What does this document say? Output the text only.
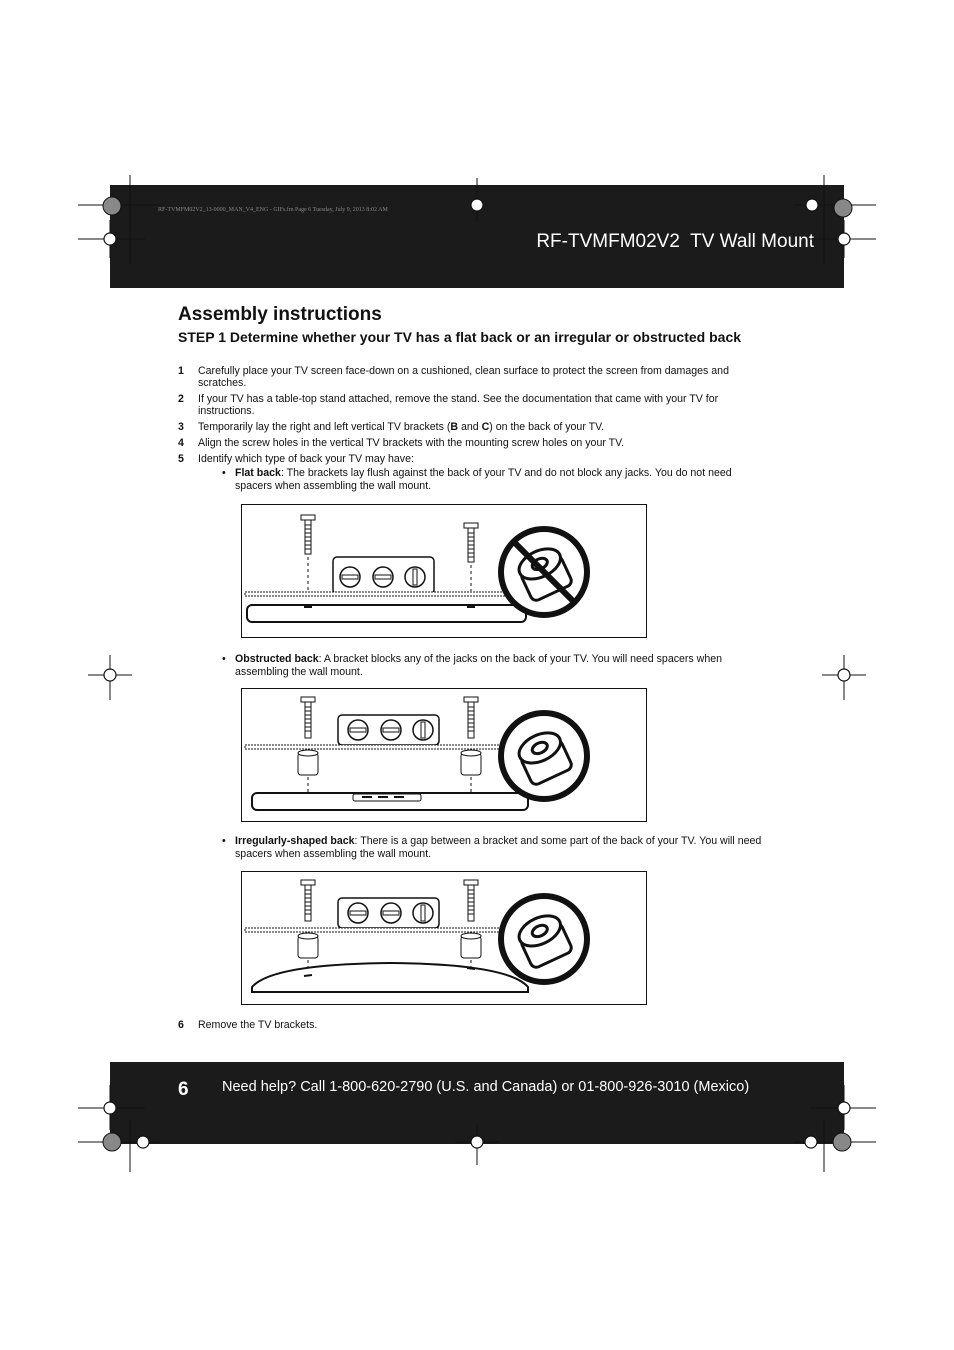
RF-TVMFM02V2_13-0000_MAN_V4_ENG - GIFs.fm Page 6 Tuesday, July 9, 2013 8:02 AM
RF-TVMFM02V2  TV Wall Mount
Assembly instructions
STEP 1 Determine whether your TV has a flat back or an irregular or obstructed back
1 Carefully place your TV screen face-down on a cushioned, clean surface to protect the screen from damages and scratches.
2 If your TV has a table-top stand attached, remove the stand. See the documentation that came with your TV for instructions.
3 Temporarily lay the right and left vertical TV brackets (B and C) on the back of your TV.
4 Align the screw holes in the vertical TV brackets with the mounting screw holes on your TV.
5 Identify which type of back your TV may have:
• Flat back: The brackets lay flush against the back of your TV and do not block any jacks. You do not need spacers when assembling the wall mount.
• Obstructed back: A bracket blocks any of the jacks on the back of your TV. You will need spacers when assembling the wall mount.
• Irregularly-shaped back: There is a gap between a bracket and some part of the back of your TV. You will need spacers when assembling the wall mount.
6 Remove the TV brackets.
6 Need help? Call 1-800-620-2790 (U.S. and Canada) or 01-800-926-3010 (Mexico)
